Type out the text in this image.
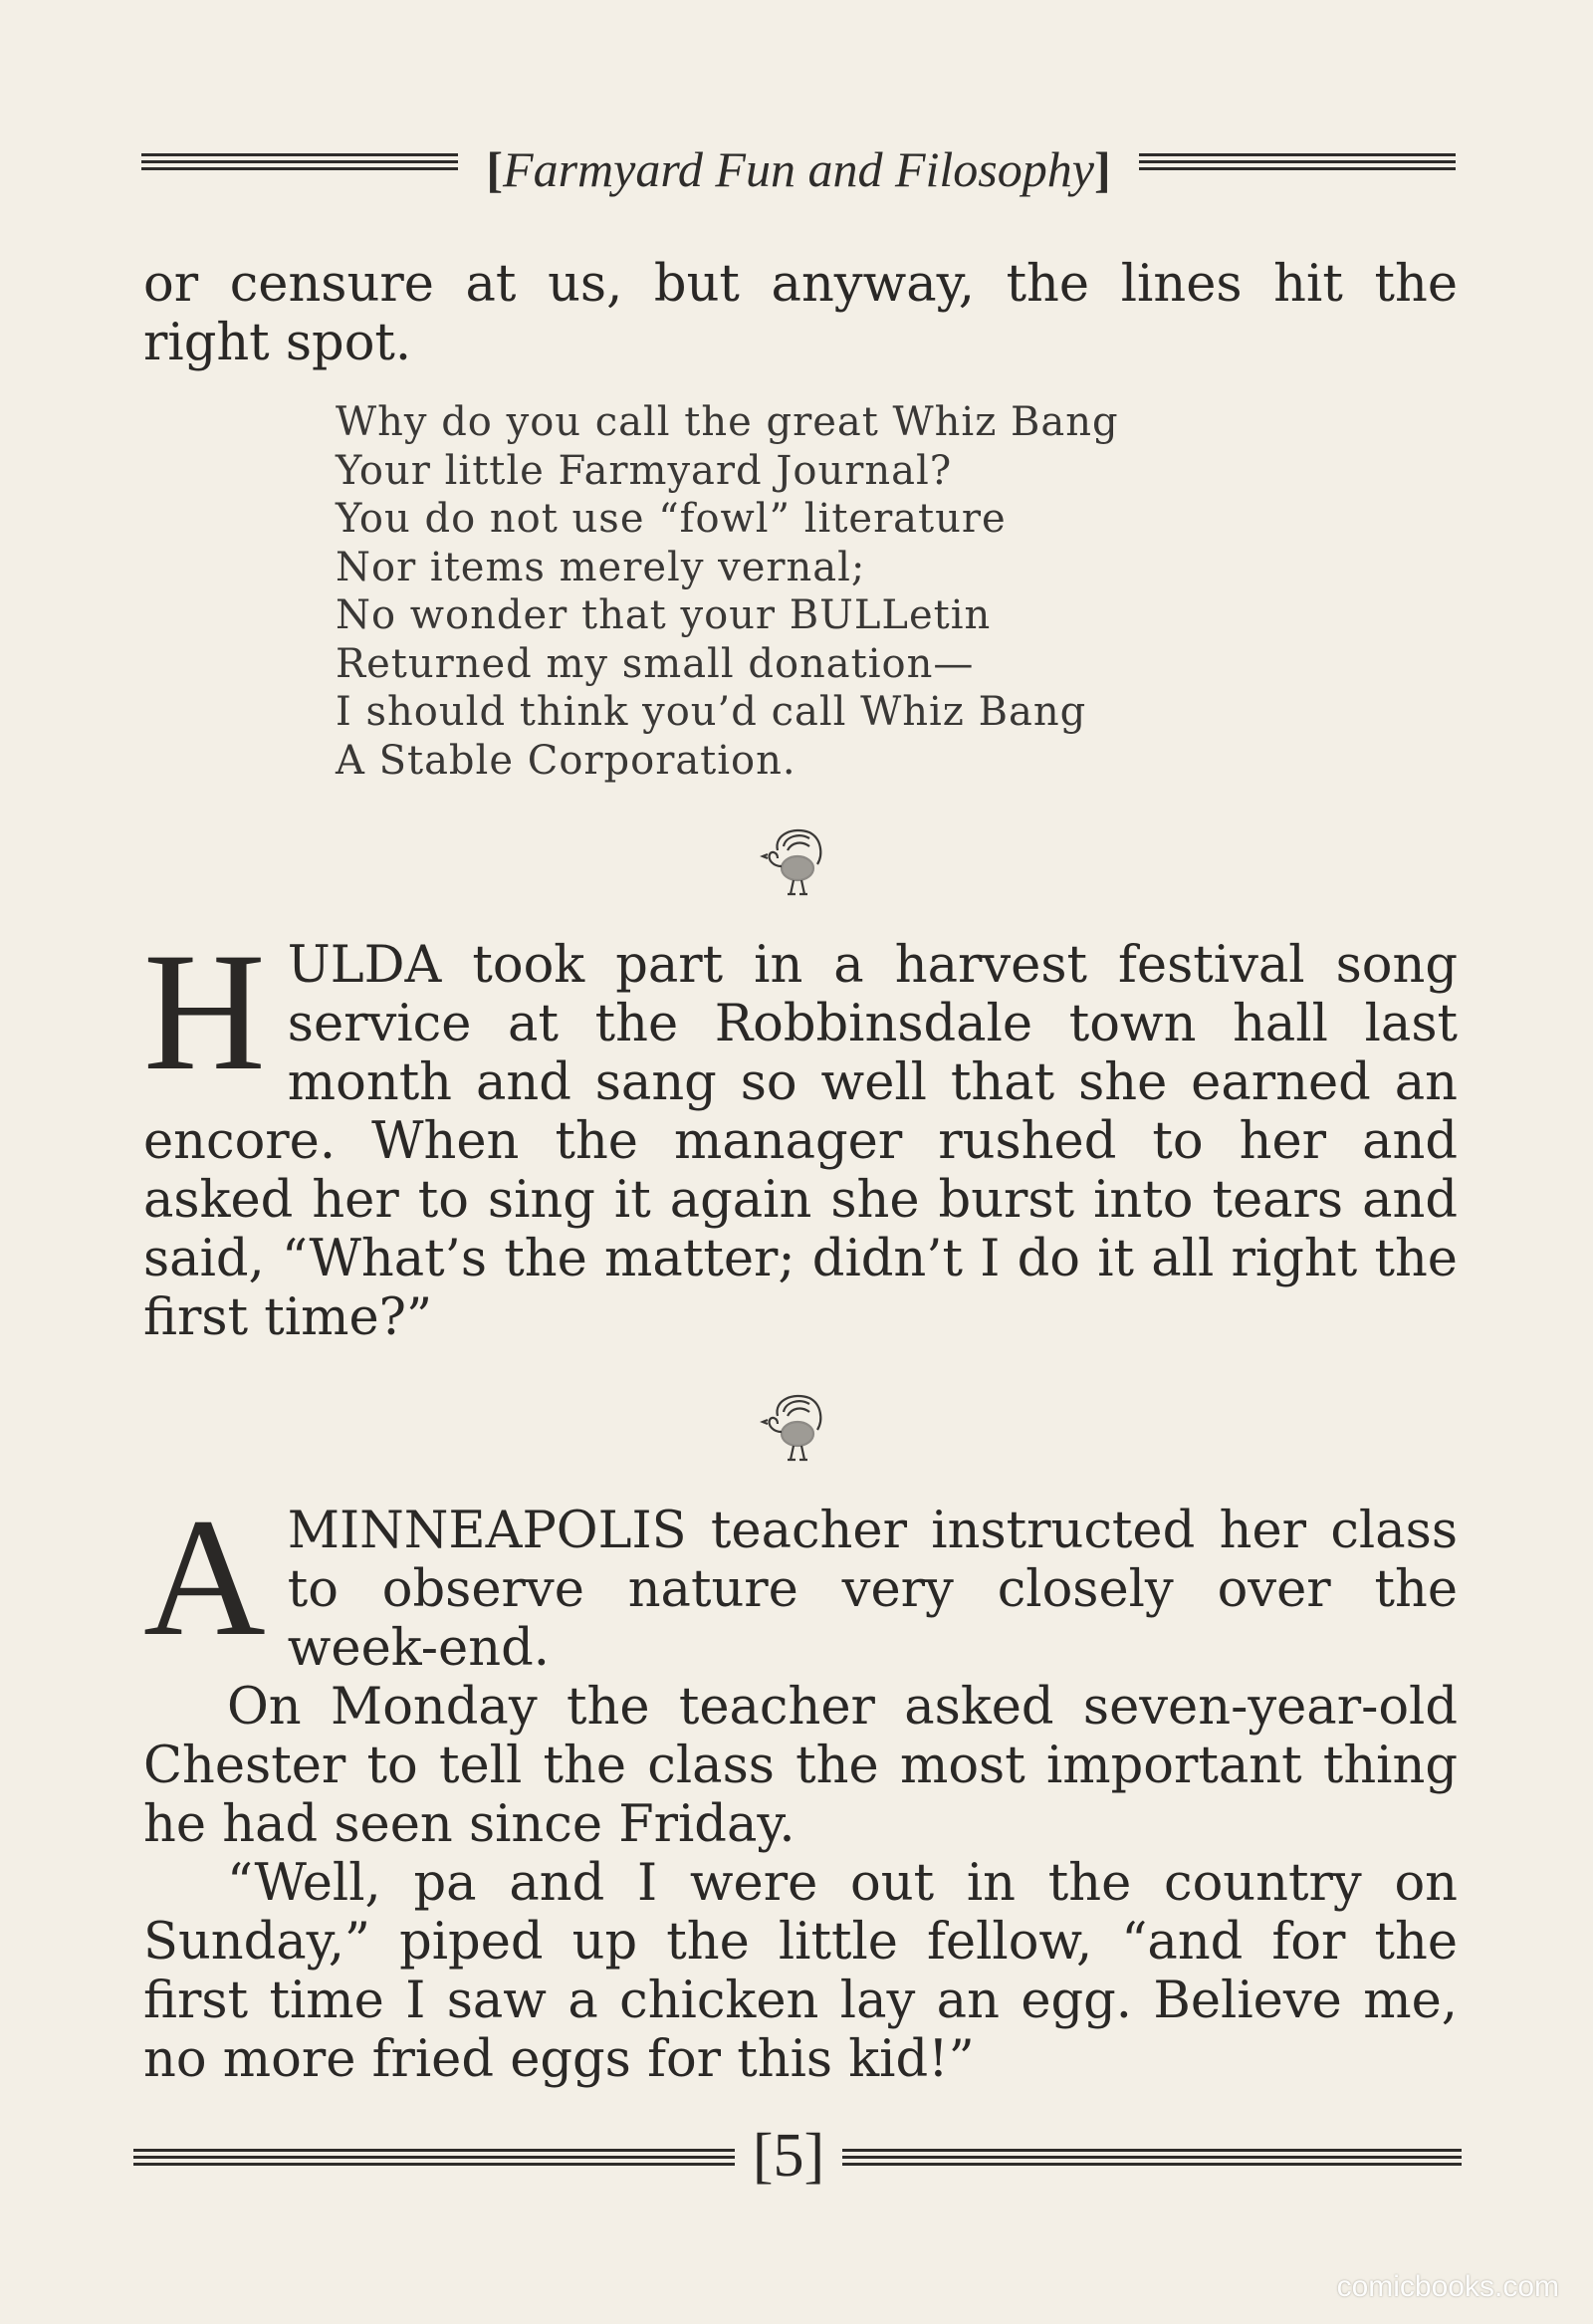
[Farmyard Fun and Filosophy]

or censure at us, but anyway, the lines hit the right spot.

Why do you call the great Whiz Bang
Your little Farmyard Journal?
You do not use “fowl” literature
Nor items merely vernal;
No wonder that your BULLetin
Returned my small donation—
I should think you’d call Whiz Bang
A Stable Corporation.

HULDA took part in a harvest festival song service at the Robbinsdale town hall last month and sang so well that she earned an encore. When the manager rushed to her and asked her to sing it again she burst into tears and said, “What’s the matter; didn’t I do it all right the first time?”

AMINNEAPOLIS teacher instructed her class to observe nature very closely over the week-end.

On Monday the teacher asked seven-year-old Chester to tell the class the most important thing he had seen since Friday.

“Well, pa and I were out in the country on Sunday,” piped up the little fellow, “and for the first time I saw a chicken lay an egg. Believe me, no more fried eggs for this kid!”

[5]
comicbooks.com
